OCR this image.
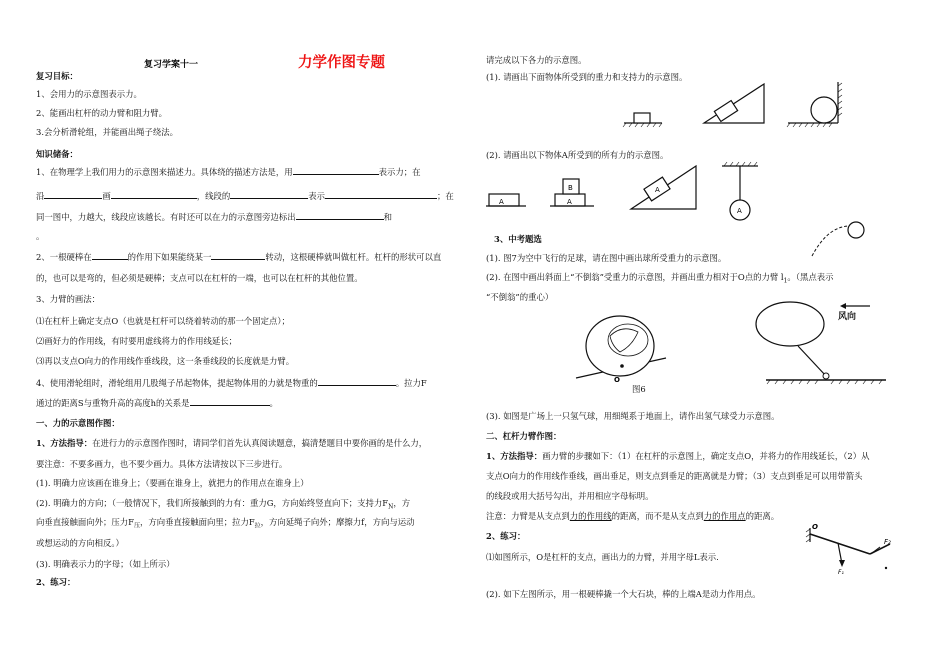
复习学案十一	力学作图专题
复习目标：
1、会用力的示意图表示力。
2、能画出杠杆的动力臂和阻力臂。
3.会分析滑轮组，并能画出绳子绕法。
知识储备：
1、在物理学上我们用力的示意图来描述力。具体绕的描述方法是，用	表示力；在
沿	画	，线段的	表示	；在
同一图中，力越大，线段应该越长。有时还可以在力的示意图旁边标出	和
。
2、一根硬棒在	的作用下如果能绕某一	转动，这根硬棒就叫做杠杆。杠杆的形状可以直
的，也可以是弯的，但必须是硬棒；支点可以在杠杆的一端，也可以在杠杆的其他位置。
3、力臂的画法：
⑴在杠杆上确定支点O（也就是杠杆可以绕着转动的那一个固定点）；
⑵画好力的作用线，有时要用虚线将力的作用线延长；
⑶再以支点O向力的作用线作垂线段，这一条垂线段的长度就是力臂。
4、使用滑轮组时，滑轮组用几股绳子吊起物体，提起物体用的力就是物重的	。拉力F
通过的距离S与重物升高的高度h的关系是	。
一、力的示意图作图：
1、方法指导：在进行力的示意图作图时，请同学们首先认真阅读题意，搞清楚题目中要你画的是什么力，
要注意：不要多画力，也不要少画力。具体方法请按以下三步进行。
(1). 明确力应该画在谁身上；（要画在谁身上，就把力的作用点在谁身上）
(2). 明确力的方向；（一般情况下，我们所接触到的力有：重力G，方向始终竖直向下；支持力$F_N$，方
向垂直接触面向外；压力$F_压$，方向垂直接触面向里；拉力$F_拉$，方向延绳子向外；摩擦力f，方向与运动
或想运动的方向相反。）
(3). 明确表示力的字母；（如上所示）
2、练习：
请完成以下各力的示意图。
(1). 请画出下面物体所受到的重力和支持力的示意图。
(2). 请画出以下物体A所受到的所有力的示意图。
A	A
B	A
A
3、中考题选
(1). 图7为空中飞行的足球，请在图中画出球所受重力的示意图。
(2). 在图中画出斜面上“不倒翁”受重力的示意图，并画出重力相对于O点的力臂 $l_1$。（黑点表示
“不倒翁”的重心）
O
图6
风向
(3). 如图是广场上一只氢气球，用细绳系于地面上，请作出氢气球受力示意图。
二、杠杆力臂作图：
1、方法指导：画力臂的步骤如下：（1）在杠杆的示意图上，确定支点O，并将力的作用线延长，（2）从
支点O向力的作用线作垂线，画出垂足，则支点到垂足的距离就是力臂；（3）支点到垂足可以用带箭头
的线段或用大括号勾出，并用相应字母标明。
注意：力臂是从支点到力的作用线的距离，而不是从支点到力的作用点的距离。
2、练习：
O
F₂
F₁
⑴如图所示，O是杠杆的支点，画出力的力臂，并用字母L表示.
(2). 如下左图所示，用一根硬棒撬一个大石块，棒的上端A是动力作用点。
